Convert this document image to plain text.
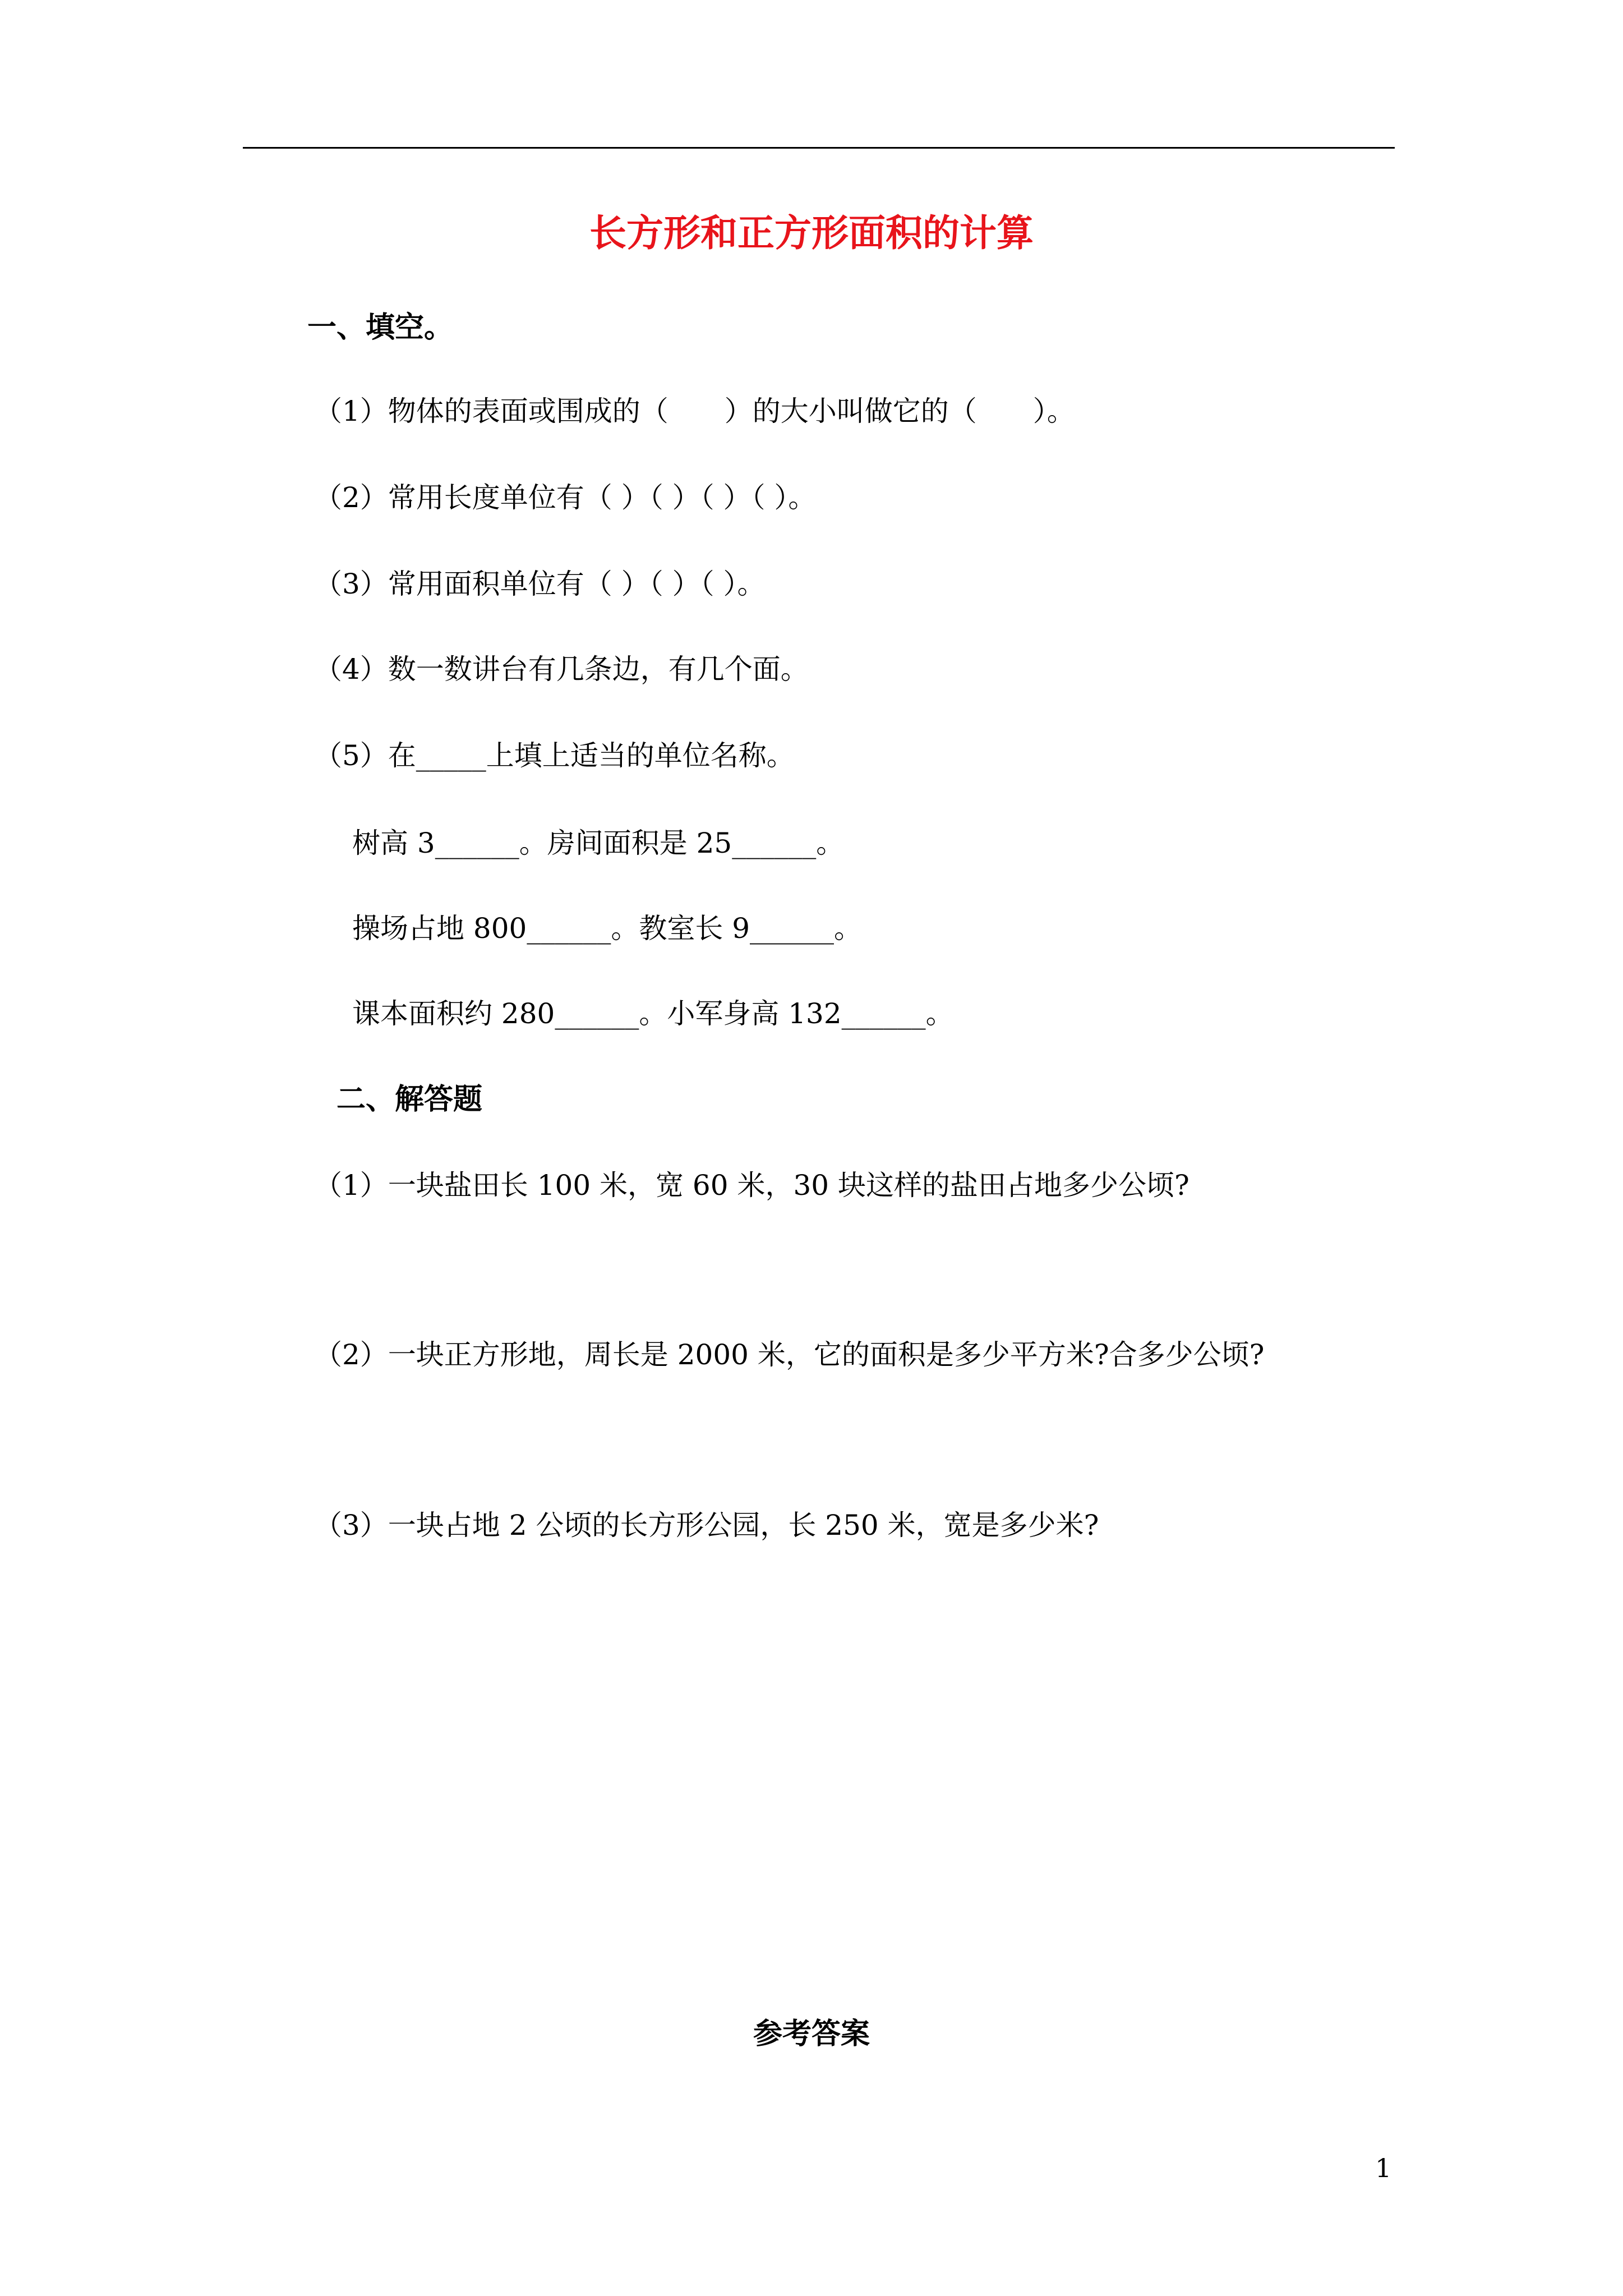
长方形和正方形面积的计算
一、填空。
（1）物体的表面或围成的（　　）的大小叫做它的（　　）。
（2）常用长度单位有（ ）（ ）（ ）（ ）。
（3）常用面积单位有（ ）（ ）（ ）。
（4）数一数讲台有几条边，有几个面。
（5）在_____上填上适当的单位名称。
树高 3______。房间面积是 25______。
操场占地 800______。教室长 9______。
课本面积约 280______。小军身高 132______。
二、解答题
（1）一块盐田长 100 米，宽 60 米，30 块这样的盐田占地多少公顷?
（2）一块正方形地，周长是 2000 米，它的面积是多少平方米?合多少公顷?
（3）一块占地 2 公顷的长方形公园，长 250 米，宽是多少米?
参考答案
1
